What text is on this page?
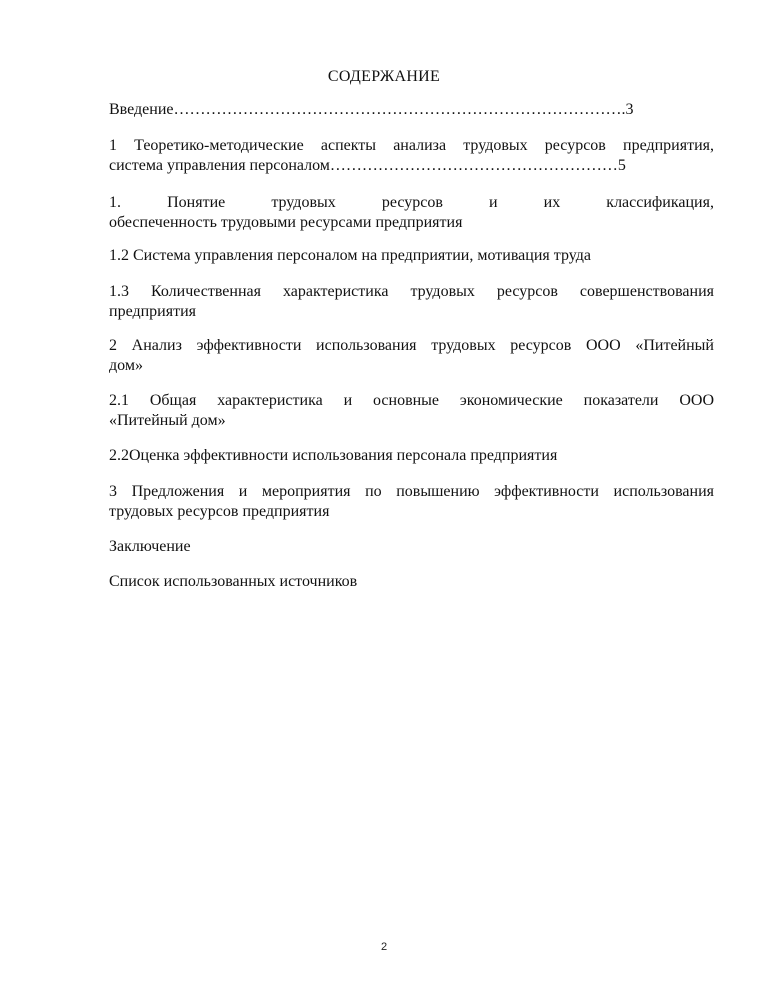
СОДЕРЖАНИЕ
Введение………………………………………………………………………….3
1 Теоретико-методические аспекты анализа трудовых ресурсов предприятия,
система управления персоналом………………………………………………5
1.	Понятие	трудовых	ресурсов	и	их	классификация,
обеспеченность трудовыми ресурсами предприятия
1.2 Система управления персоналом на предприятии, мотивация труда
1.3 Количественная характеристика трудовых ресурсов совершенствования
предприятия
2 Анализ эффективности использования трудовых ресурсов ООО «Питейный
дом»
2.1 Общая характеристика и основные экономические показатели ООО
«Питейный дом»
2.2Оценка эффективности использования персонала предприятия
3 Предложения и мероприятия по повышению эффективности использования
трудовых ресурсов предприятия
Заключение
Список использованных источников
2
